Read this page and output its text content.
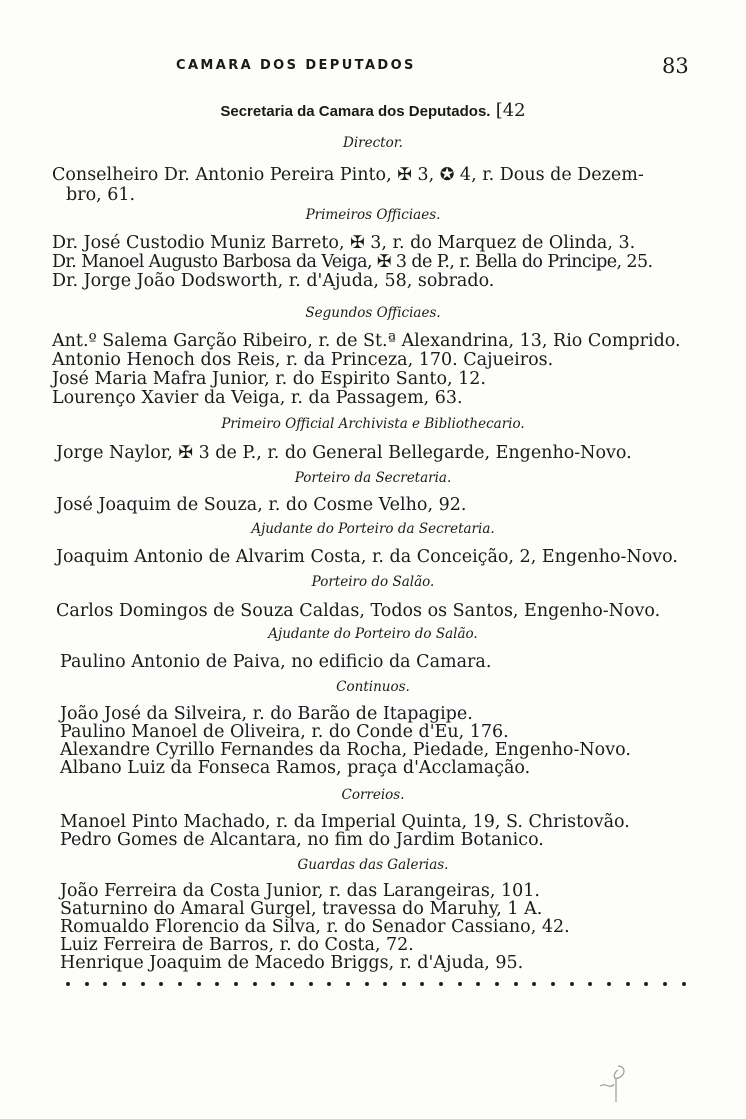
CAMARA DOS DEPUTADOS	83
Secretaria da Camara dos Deputados. [42
Director.
Conselheiro Dr. Antonio Pereira Pinto, ✠ 3, ✪ 4, r. Dous de Dezem-
bro, 61.
Primeiros Officiaes.
Dr. José Custodio Muniz Barreto, ✠ 3, r. do Marquez de Olinda, 3.
Dr. Manoel Augusto Barbosa da Veiga, ✠ 3 de P., r. Bella do Principe, 25.
Dr. Jorge João Dodsworth, r. d'Ajuda, 58, sobrado.
Segundos Officiaes.
Ant.º Salema Garção Ribeiro, r. de St.ª Alexandrina, 13, Rio Comprido.
Antonio Henoch dos Reis, r. da Princeza, 170. Cajueiros.
José Maria Mafra Junior, r. do Espirito Santo, 12.
Lourenço Xavier da Veiga, r. da Passagem, 63.
Primeiro Official Archivista e Bibliothecario.
Jorge Naylor, ✠ 3 de P., r. do General Bellegarde, Engenho-Novo.
Porteiro da Secretaria.
José Joaquim de Souza, r. do Cosme Velho, 92.
Ajudante do Porteiro da Secretaria.
Joaquim Antonio de Alvarim Costa, r. da Conceição, 2, Engenho-Novo.
Porteiro do Salão.
Carlos Domingos de Souza Caldas, Todos os Santos, Engenho-Novo.
Ajudante do Porteiro do Salão.
Paulino Antonio de Paiva, no edificio da Camara.
Continuos.
João José da Silveira, r. do Barão de Itapagipe.
Paulino Manoel de Oliveira, r. do Conde d'Eu, 176.
Alexandre Cyrillo Fernandes da Rocha, Piedade, Engenho-Novo.
Albano Luiz da Fonseca Ramos, praça d'Acclamação.
Correios.
Manoel Pinto Machado, r. da Imperial Quinta, 19, S. Christovão.
Pedro Gomes de Alcantara, no fim do Jardim Botanico.
Guardas das Galerias.
João Ferreira da Costa Junior, r. das Larangeiras, 101.
Saturnino do Amaral Gurgel, travessa do Maruhy, 1 A.
Romualdo Florencio da Silva, r. do Senador Cassiano, 42.
Luiz Ferreira de Barros, r. do Costa, 72.
Henrique Joaquim de Macedo Briggs, r. d'Ajuda, 95.
